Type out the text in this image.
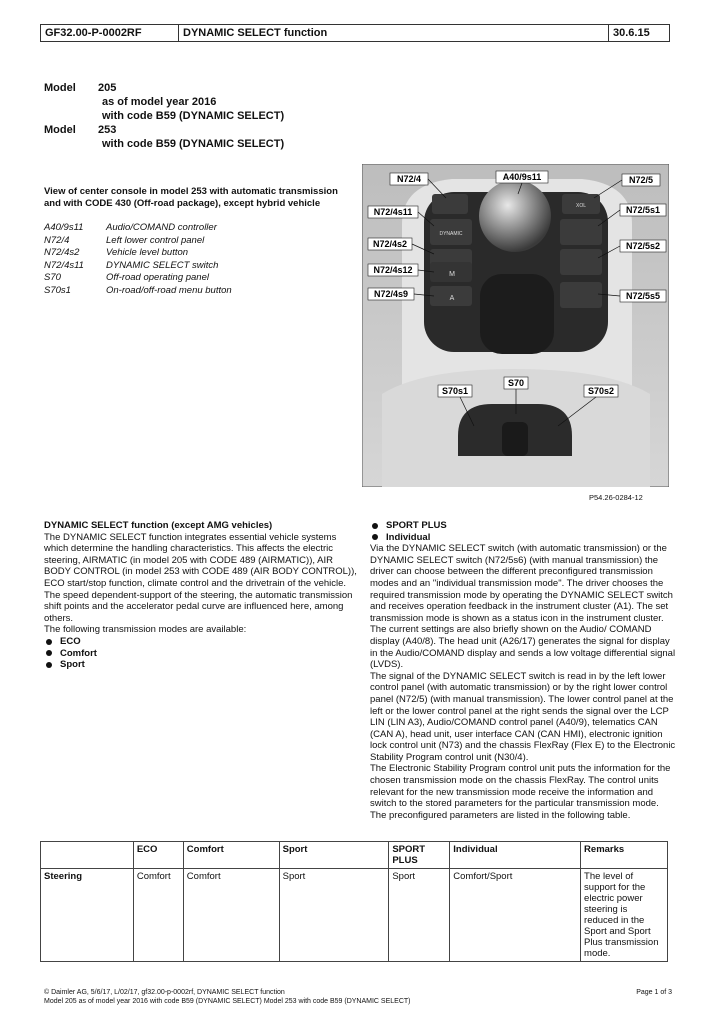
GF32.00-P-0002RF	DYNAMIC SELECT function	30.6.15
Model	205
as of model year 2016
with code B59 (DYNAMIC SELECT)
Model	253
with code B59 (DYNAMIC SELECT)
View of center console in model 253 with automatic transmission and with CODE 430 (Off-road package), except hybrid vehicle
A40/9s11	Audio/COMAND controller
N72/4	Left lower control panel
N72/4s2	Vehicle level button
N72/4s11	DYNAMIC SELECT switch
S70	Off-road operating panel
S70s1	On-road/off-road menu button
DYNAMIC
M
A
XOL
N72/4	A40/9s11	N72/5
N72/4s11	N72/5s1
N72/4s2	N72/5s2
N72/4s12
N72/4s9	N72/5s5
S70
S70s1	S70s2
P54.26-0284-12

DYNAMIC SELECT function (except AMG vehicles)

The DYNAMIC SELECT function integrates essential vehicle systems which determine the handling characteristics. This affects the electric steering, AIRMATIC (in model 205 with CODE 489 (AIRMATIC)), AIR BODY CONTROL (in model 253 with CODE 489 (AIR BODY CONTROL)), ECO start/stop function, climate control and the drivetrain of the vehicle. The speed dependent-support of the steering, the automatic transmission shift points and the accelerator pedal curve are influenced here, among others.

The following transmission modes are available:

ECO
Comfort
Sport
SPORT PLUS
Individual

Via the DYNAMIC SELECT switch (with automatic transmission) or the DYNAMIC SELECT switch (N72/5s6) (with manual transmission) the driver can choose between the different preconfigured transmission modes and an "individual transmission mode". The driver chooses the required transmission mode by operating the DYNAMIC SELECT switch and receives operation feedback in the instrument cluster (A1). The set transmission mode is shown as a status icon in the instrument cluster. The current settings are also briefly shown on the Audio/ COMAND display (A40/8). The head unit (A26/17) generates the signal for display in the Audio/COMAND display and sends a low voltage differential signal (LVDS).

The signal of the DYNAMIC SELECT switch is read in by the left lower control panel (with automatic transmission) or by the right lower control panel (N72/5) (with manual transmission). The lower control panel at the left or the lower control panel at the right sends the signal over the LCP LIN (LIN A3), Audio/COMAND control panel (A40/9), telematics CAN (CAN A), head unit, user interface CAN (CAN HMI), electronic ignition lock control unit (N73) and the chassis FlexRay (Flex E) to the Electronic Stability Program control unit (N30/4).

The Electronic Stability Program control unit puts the information for the chosen transmission mode on the chassis FlexRay. The control units relevant for the new transmission mode receive the information and switch to the stored parameters for the particular transmission mode. The preconfigured parameters are listed in the following table.

	ECO	Comfort	Sport	SPORT PLUS	Individual	Remarks
Steering	Comfort	Comfort	Sport	Sport	Comfort/Sport	The level of support for the electric power steering is reduced in the Sport and Sport Plus transmission mode.
© Daimler AG, 5/6/17, L/02/17, gf32.00-p-0002rf, DYNAMIC SELECT function
Model 205 as of model year 2016 with code B59 (DYNAMIC SELECT) Model 253 with code B59 (DYNAMIC SELECT)
Page 1 of 3
